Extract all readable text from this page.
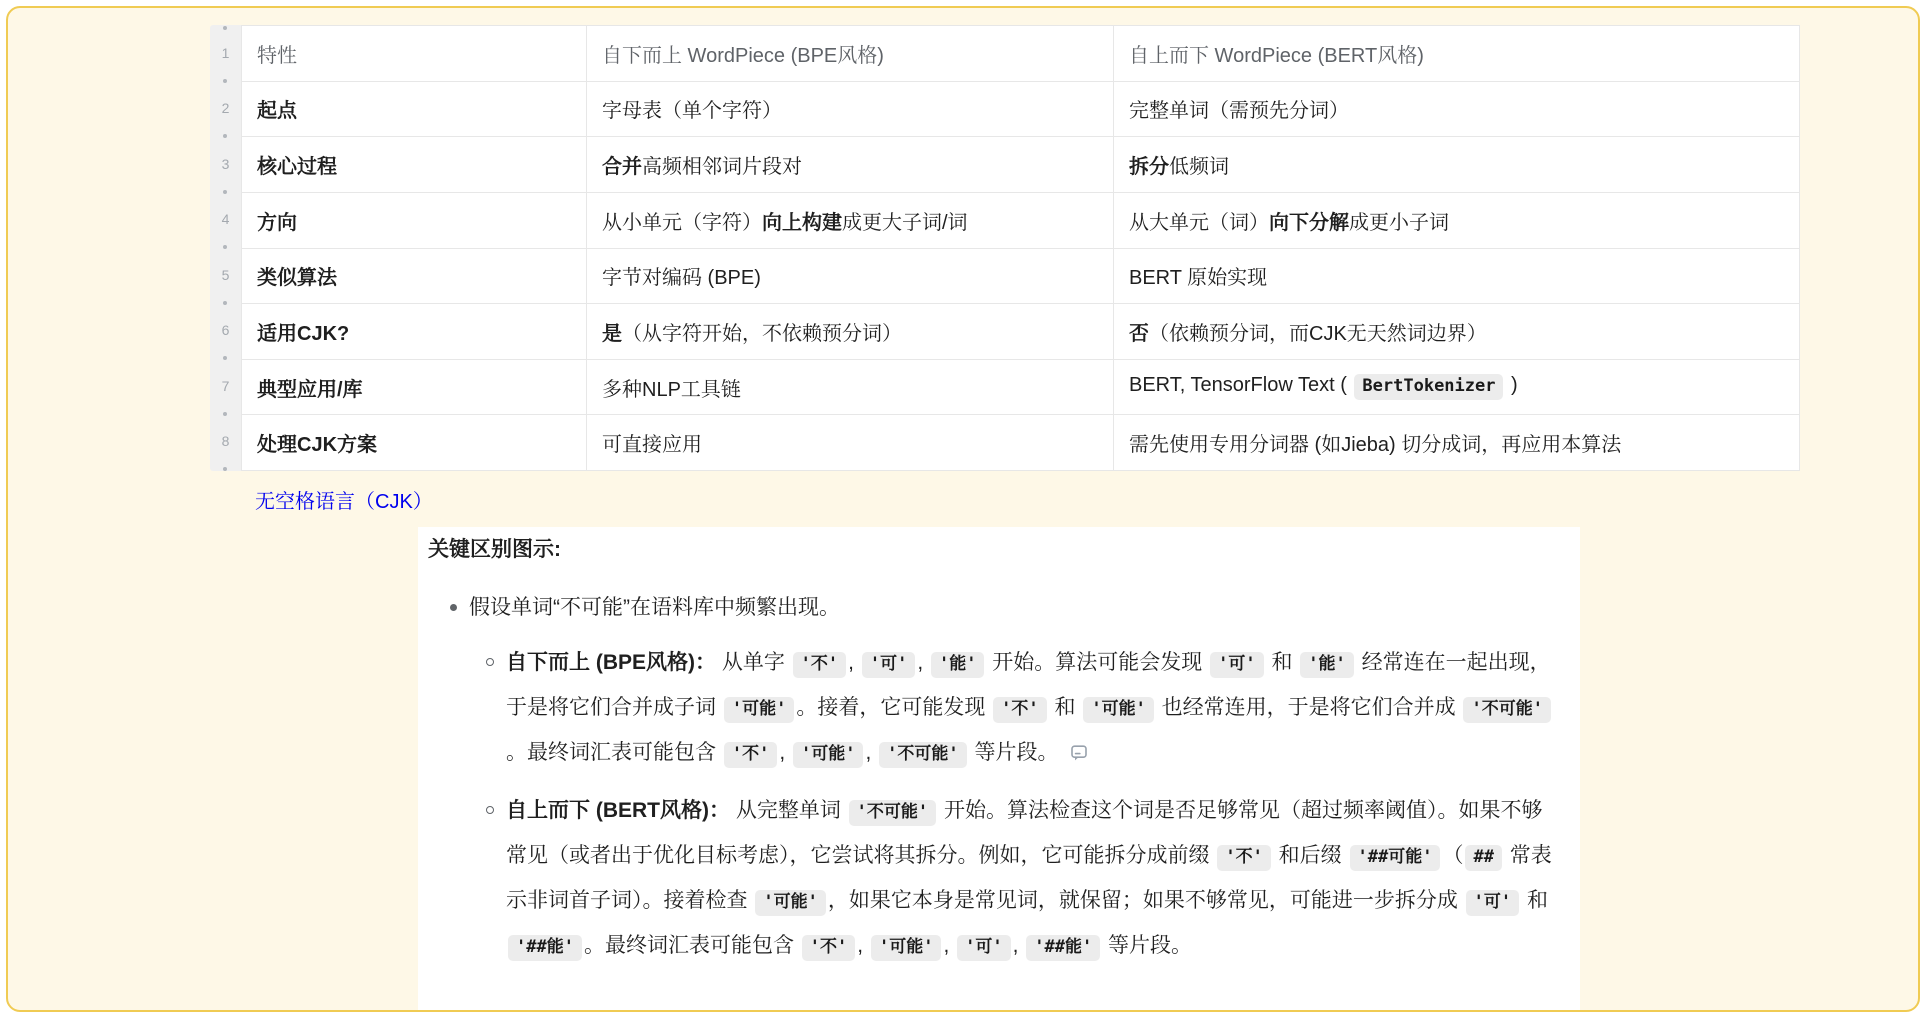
1
2
3
4
5
6
7
8
特性	自下而上 WordPiece (BPE风格)	自上而下 WordPiece (BERT风格)
起点	字母表（单个字符）	完整单词（需预先分词）
核心过程	合并高频相邻词片段对	拆分低频词
方向	从小单元（字符）向上构建成更大子词/词	从大单元（词）向下分解成更小子词
类似算法	字节对编码 (BPE)	BERT 原始实现
适用CJK?	是（从字符开始，不依赖预分词）	否（依赖预分词，而CJK无天然词边界）
典型应用/库	多种NLP工具链	BERT, TensorFlow Text ( BertTokenizer )
处理CJK方案	可直接应用	需先使用专用分词器 (如Jieba) 切分成词，再应用本算法
无空格语言（CJK）

关键区别图示:

假设单词“不可能”在语料库中频繁出现。
自下而上 (BPE风格)： 从单字 '不' , '可' , '能' 开始。算法可能会发现 '可' 和 '能' 经常连在一起出现，于是将它们合并成子词 '可能' 。接着，它可能发现 '不' 和 '可能' 也经常连用，于是将它们合并成 '不可能'。最终词汇表可能包含 '不' , '可能' , '不可能' 等片段。
自上而下 (BERT风格)： 从完整单词 '不可能' 开始。算法检查这个词是否足够常见（超过频率阈值）。如果不够常见（或者出于优化目标考虑），它尝试将其拆分。例如，它可能拆分成前缀 '不' 和后缀 '##可能' （ ## 常表示非词首子词）。接着检查 '可能' ，如果它本身是常见词，就保留；如果不够常见，可能进一步拆分成 '可' 和 '##能' 。最终词汇表可能包含 '不' , '可能' , '可' , '##能' 等片段。
